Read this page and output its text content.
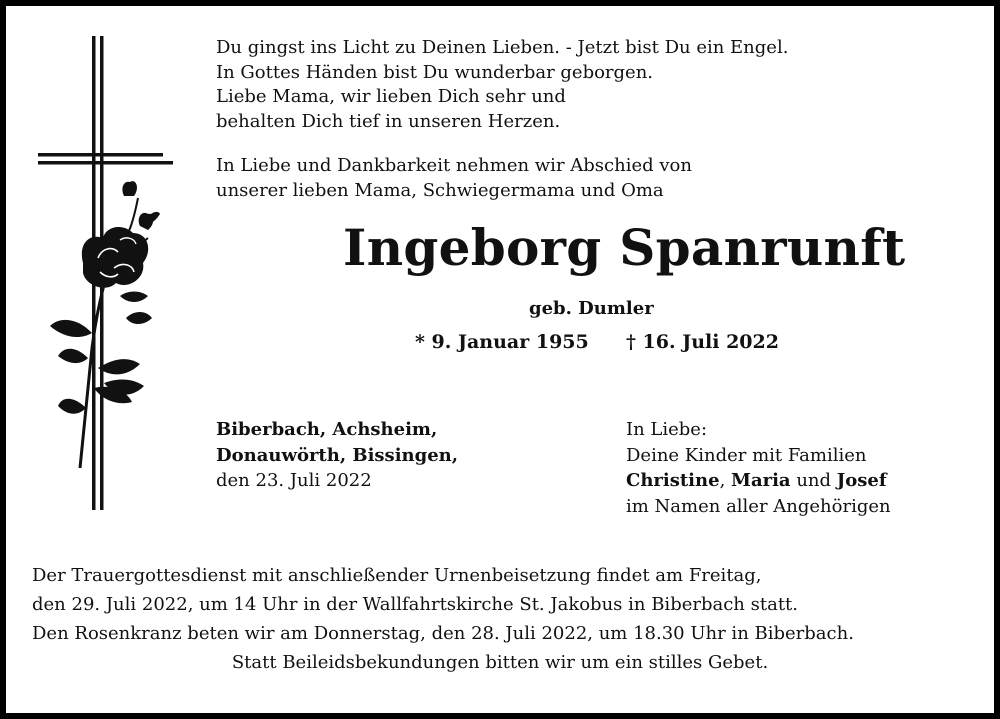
Du gingst ins Licht zu Deinen Lieben. - Jetzt bist Du ein Engel.
In Gottes Händen bist Du wunderbar geborgen.
Liebe Mama, wir lieben Dich sehr und
behalten Dich tief in unseren Herzen.
In Liebe und Dankbarkeit nehmen wir Abschied von
unserer lieben Mama, Schwiegermama und Oma
Ingeborg Spanrunft
geb. Dumler
* 9. Januar 1955 † 16. Juli 2022
Biberbach, Achsheim,
Donauwörth, Bissingen,
den 23. Juli 2022
In Liebe:
Deine Kinder mit Familien
Christine, Maria und Josef
im Namen aller Angehörigen
Der Trauergottesdienst mit anschließender Urnenbeisetzung findet am Freitag,
den 29. Juli 2022, um 14 Uhr in der Wallfahrtskirche St. Jakobus in Biberbach statt.
Den Rosenkranz beten wir am Donnerstag, den 28. Juli 2022, um 18.30 Uhr in Biberbach.
Statt Beileidsbekundungen bitten wir um ein stilles Gebet.
